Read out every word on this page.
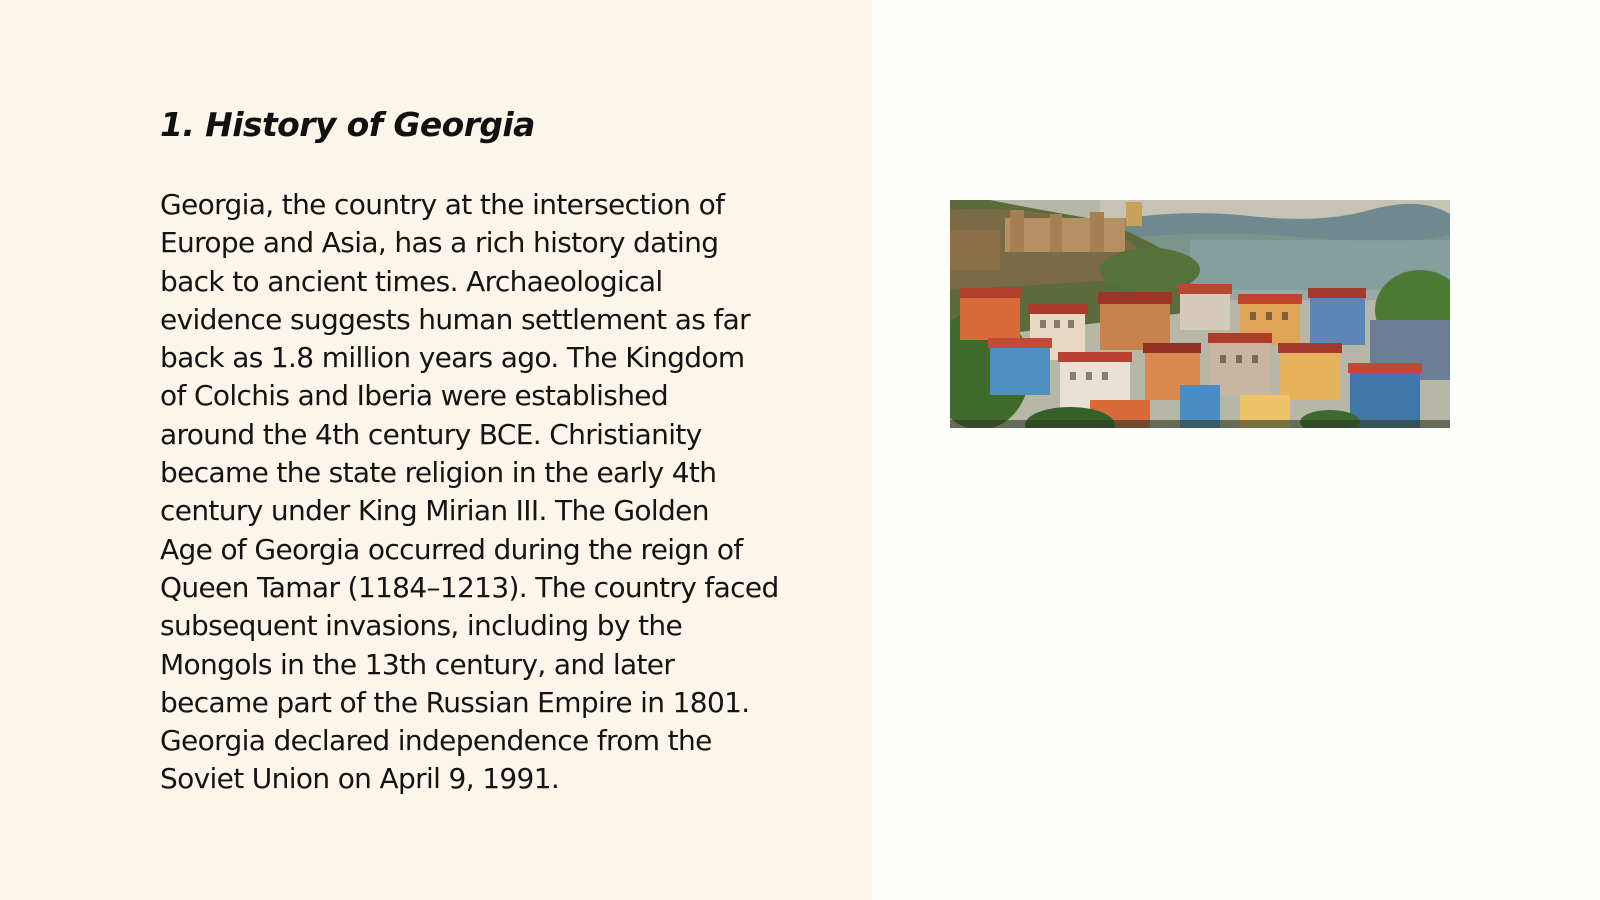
1. History of Georgia

Georgia, the country at the intersection of
Europe and Asia, has a rich history dating
back to ancient times. Archaeological
evidence suggests human settlement as far
back as 1.8 million years ago. The Kingdom
of Colchis and Iberia were established
around the 4th century BCE. Christianity
became the state religion in the early 4th
century under King Mirian III. The Golden
Age of Georgia occurred during the reign of
Queen Tamar (1184–1213). The country faced
subsequent invasions, including by the
Mongols in the 13th century, and later
became part of the Russian Empire in 1801.
Georgia declared independence from the
Soviet Union on April 9, 1991.
